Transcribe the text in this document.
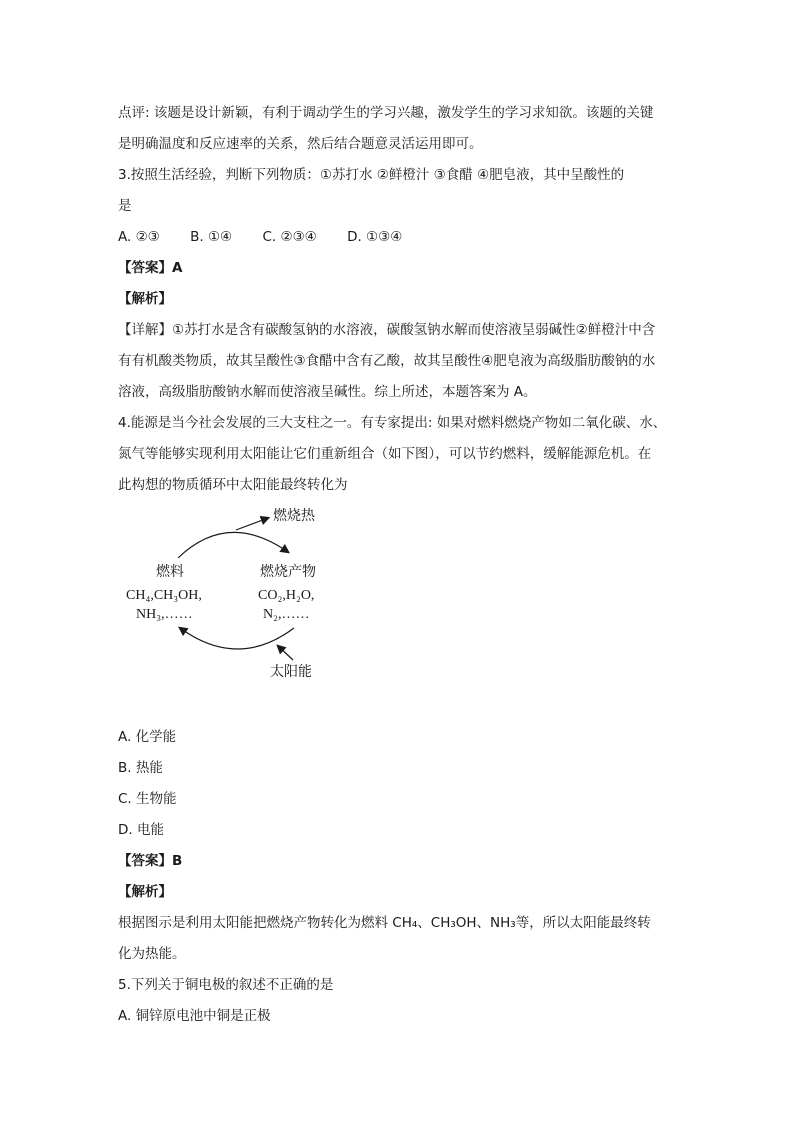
点评: 该题是设计新颖，有利于调动学生的学习兴趣，激发学生的学习求知欲。该题的关键
是明确温度和反应速率的关系，然后结合题意灵活运用即可。
3.按照生活经验，判断下列物质：①苏打水 ②鲜橙汁 ③食醋 ④肥皂液，其中呈酸性的
是
A. ②③ B. ①④ C. ②③④ D. ①③④
【答案】A
【解析】
【详解】①苏打水是含有碳酸氢钠的水溶液，碳酸氢钠水解而使溶液呈弱碱性②鲜橙汁中含
有有机酸类物质，故其呈酸性③食醋中含有乙酸，故其呈酸性④肥皂液为高级脂肪酸钠的水
溶液，高级脂肪酸钠水解而使溶液呈碱性。综上所述，本题答案为 A。
4.能源是当今社会发展的三大支柱之一。有专家提出: 如果对燃料燃烧产物如二氧化碳、水、
氮气等能够实现利用太阳能让它们重新组合（如下图），可以节约燃料，缓解能源危机。在
此构想的物质循环中太阳能最终转化为
燃烧热
燃料
CH₄,CH₃OH,
NH₃,……
燃烧产物
CO₂,H₂O,
N₂,……
太阳能
A. 化学能
B. 热能
C. 生物能
D. 电能
【答案】B
【解析】
根据图示是利用太阳能把燃烧产物转化为燃料 CH₄、CH₃OH、NH₃等，所以太阳能最终转
化为热能。
5.下列关于铜电极的叙述不正确的是
A. 铜锌原电池中铜是正极
